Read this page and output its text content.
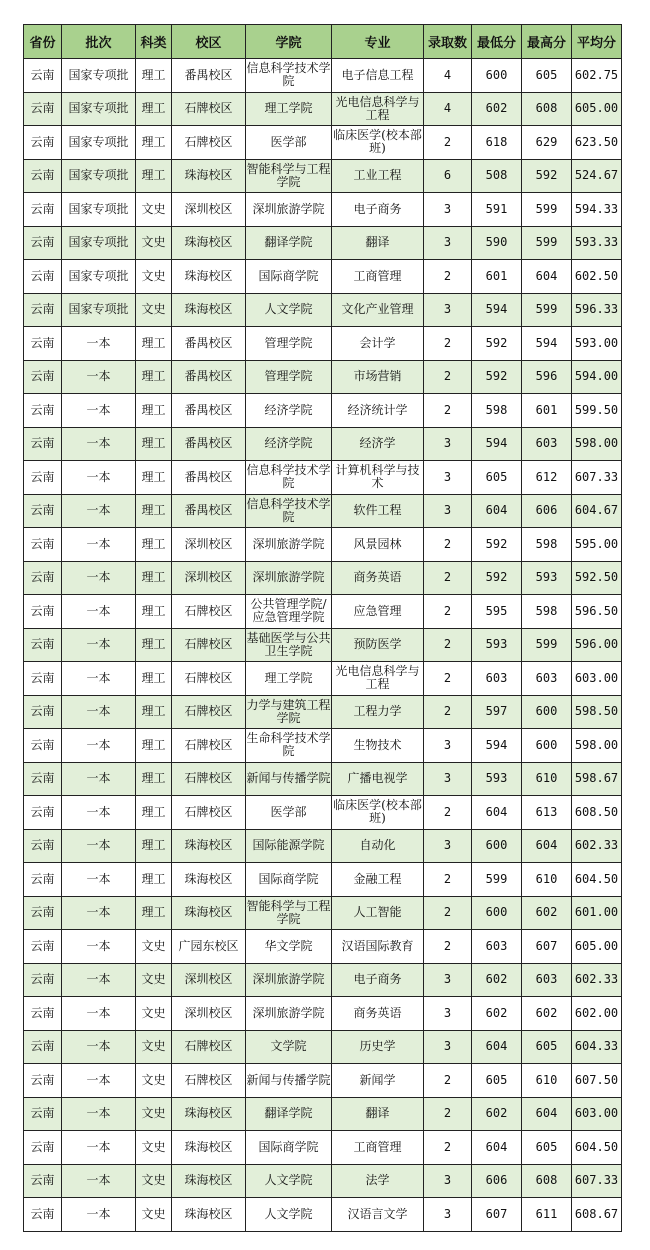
省份	批次	科类	校区	学院	专业	录取数	最低分	最高分	平均分
云南	国家专项批	理工	番禺校区	信息科学技术学院	电子信息工程	4	600	605	602.75
云南	国家专项批	理工	石牌校区	理工学院	光电信息科学与工程	4	602	608	605.00
云南	国家专项批	理工	石牌校区	医学部	临床医学(校本部班)	2	618	629	623.50
云南	国家专项批	理工	珠海校区	智能科学与工程学院	工业工程	6	508	592	524.67
云南	国家专项批	文史	深圳校区	深圳旅游学院	电子商务	3	591	599	594.33
云南	国家专项批	文史	珠海校区	翻译学院	翻译	3	590	599	593.33
云南	国家专项批	文史	珠海校区	国际商学院	工商管理	2	601	604	602.50
云南	国家专项批	文史	珠海校区	人文学院	文化产业管理	3	594	599	596.33
云南	一本	理工	番禺校区	管理学院	会计学	2	592	594	593.00
云南	一本	理工	番禺校区	管理学院	市场营销	2	592	596	594.00
云南	一本	理工	番禺校区	经济学院	经济统计学	2	598	601	599.50
云南	一本	理工	番禺校区	经济学院	经济学	3	594	603	598.00
云南	一本	理工	番禺校区	信息科学技术学院	计算机科学与技术	3	605	612	607.33
云南	一本	理工	番禺校区	信息科学技术学院	软件工程	3	604	606	604.67
云南	一本	理工	深圳校区	深圳旅游学院	风景园林	2	592	598	595.00
云南	一本	理工	深圳校区	深圳旅游学院	商务英语	2	592	593	592.50
云南	一本	理工	石牌校区	公共管理学院/应急管理学院	应急管理	2	595	598	596.50
云南	一本	理工	石牌校区	基础医学与公共卫生学院	预防医学	2	593	599	596.00
云南	一本	理工	石牌校区	理工学院	光电信息科学与工程	2	603	603	603.00
云南	一本	理工	石牌校区	力学与建筑工程学院	工程力学	2	597	600	598.50
云南	一本	理工	石牌校区	生命科学技术学院	生物技术	3	594	600	598.00
云南	一本	理工	石牌校区	新闻与传播学院	广播电视学	3	593	610	598.67
云南	一本	理工	石牌校区	医学部	临床医学(校本部班)	2	604	613	608.50
云南	一本	理工	珠海校区	国际能源学院	自动化	3	600	604	602.33
云南	一本	理工	珠海校区	国际商学院	金融工程	2	599	610	604.50
云南	一本	理工	珠海校区	智能科学与工程学院	人工智能	2	600	602	601.00
云南	一本	文史	广园东校区	华文学院	汉语国际教育	2	603	607	605.00
云南	一本	文史	深圳校区	深圳旅游学院	电子商务	3	602	603	602.33
云南	一本	文史	深圳校区	深圳旅游学院	商务英语	3	602	602	602.00
云南	一本	文史	石牌校区	文学院	历史学	3	604	605	604.33
云南	一本	文史	石牌校区	新闻与传播学院	新闻学	2	605	610	607.50
云南	一本	文史	珠海校区	翻译学院	翻译	2	602	604	603.00
云南	一本	文史	珠海校区	国际商学院	工商管理	2	604	605	604.50
云南	一本	文史	珠海校区	人文学院	法学	3	606	608	607.33
云南	一本	文史	珠海校区	人文学院	汉语言文学	3	607	611	608.67
